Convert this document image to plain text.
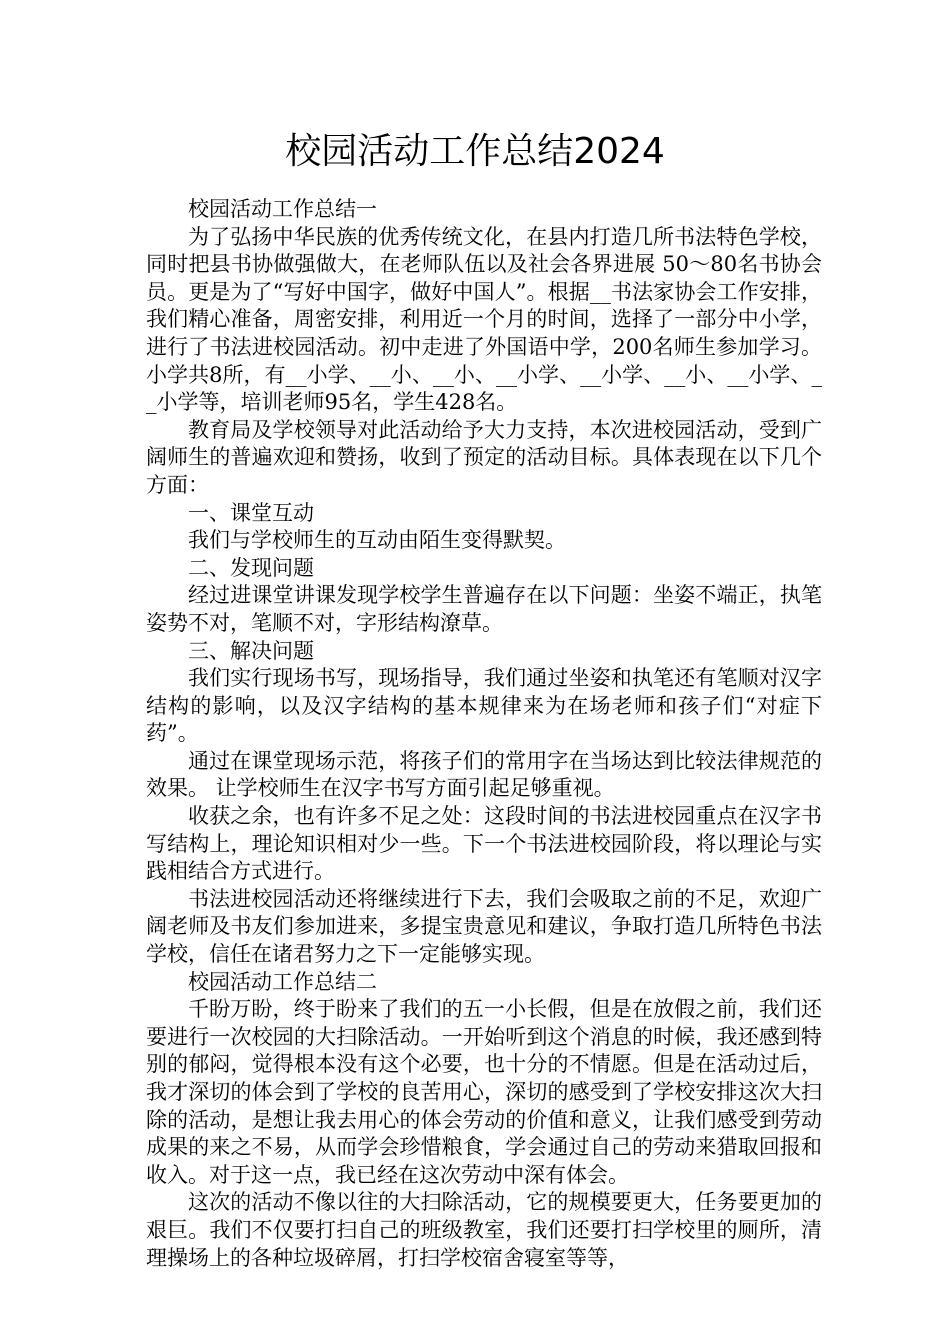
校园活动工作总结2024

校园活动工作总结一

为了弘扬中华民族的优秀传统文化，在县内打造几所书法特色学校，同时把县书协做强做大，在老师队伍以及社会各界进展 50～80名书协会员。更是为了“写好中国字，做好中国人”。根据__书法家协会工作安排，我们精心准备，周密安排，利用近一个月的时间，选择了一部分中小学，进行了书法进校园活动。初中走进了外国语中学，200名师生参加学习。小学共8所，有__小学、__小、__小、__小学、__小学、__小、__小学、__小学等，培训老师95名，学生428名。

教育局及学校领导对此活动给予大力支持，本次进校园活动，受到广阔师生的普遍欢迎和赞扬，收到了预定的活动目标。具体表现在以下几个方面：

一、课堂互动

我们与学校师生的互动由陌生变得默契。

二、发现问题

经过进课堂讲课发现学校学生普遍存在以下问题：坐姿不端正，执笔姿势不对，笔顺不对，字形结构潦草。

三、解决问题

我们实行现场书写，现场指导，我们通过坐姿和执笔还有笔顺对汉字结构的影响，以及汉字结构的基本规律来为在场老师和孩子们“对症下药”。

通过在课堂现场示范，将孩子们的常用字在当场达到比较法律规范的效果。 让学校师生在汉字书写方面引起足够重视。

收获之余，也有许多不足之处：这段时间的书法进校园重点在汉字书写结构上，理论知识相对少一些。下一个书法进校园阶段，将以理论与实践相结合方式进行。

书法进校园活动还将继续进行下去，我们会吸取之前的不足，欢迎广阔老师及书友们参加进来，多提宝贵意见和建议，争取打造几所特色书法学校，信任在诸君努力之下一定能够实现。

校园活动工作总结二

千盼万盼，终于盼来了我们的五一小长假，但是在放假之前，我们还要进行一次校园的大扫除活动。一开始听到这个消息的时候，我还感到特别的郁闷，觉得根本没有这个必要，也十分的不情愿。但是在活动过后，我才深切的体会到了学校的良苦用心，深切的感受到了学校安排这次大扫除的活动，是想让我去用心的体会劳动的价值和意义，让我们感受到劳动成果的来之不易，从而学会珍惜粮食，学会通过自己的劳动来猎取回报和收入。对于这一点，我已经在这次劳动中深有体会。

这次的活动不像以往的大扫除活动，它的规模要更大，任务要更加的艰巨。我们不仅要打扫自己的班级教室，我们还要打扫学校里的厕所，清理操场上的各种垃圾碎屑，打扫学校宿舍寝室等等，
